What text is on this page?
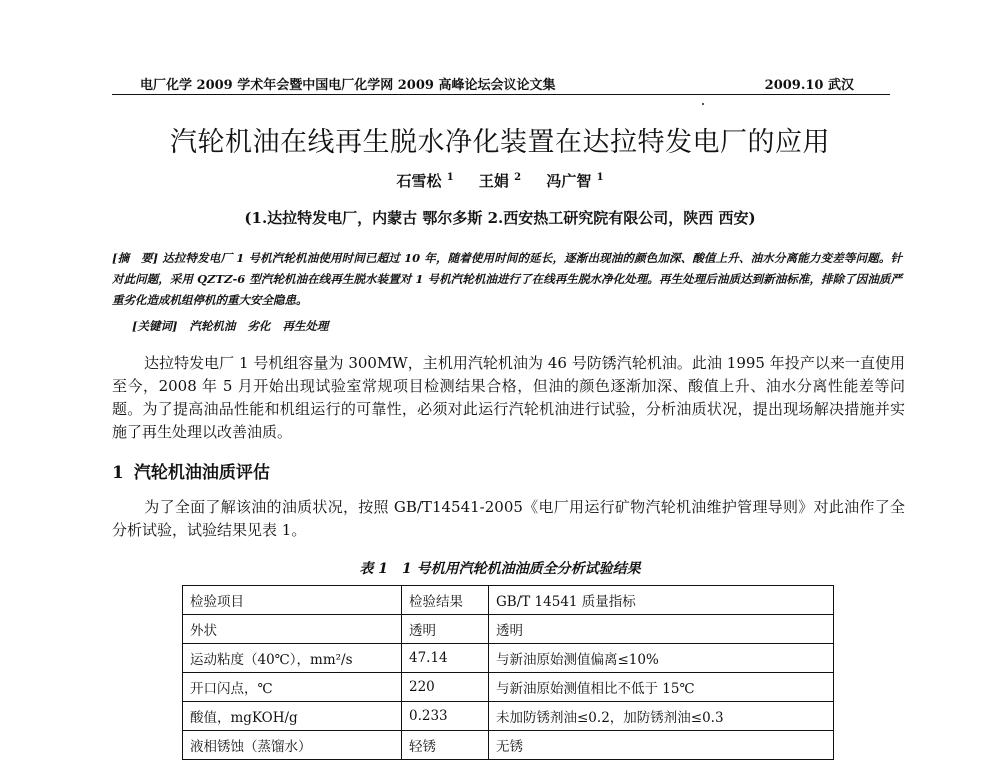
电厂化学 2009 学术年会暨中国电厂化学网 2009 高峰论坛会议论文集	2009.10 武汉
汽轮机油在线再生脱水净化装置在达拉特发电厂的应用
石雪松 $^1$ 王娟 $^2$ 冯广智 $^1$
(1.达拉特发电厂，内蒙古 鄂尔多斯 2.西安热工研究院有限公司，陕西 西安)
[摘　要] 达拉特发电厂 1 号机汽轮机油使用时间已超过 10 年，随着使用时间的延长，逐渐出现油的颜色加深、酸值上升、油水分离能力变差等问题。针对此问题，采用 QZTZ-6 型汽轮机油在线再生脱水装置对 1 号机汽轮机油进行了在线再生脱水净化处理。再生处理后油质达到新油标准，排除了因油质严重劣化造成机组停机的重大安全隐患。
[关键词] 汽轮机油 劣化 再生处理
达拉特发电厂 1 号机组容量为 300MW，主机用汽轮机油为 46 号防锈汽轮机油。此油 1995 年投产以来一直使用至今，2008 年 5 月开始出现试验室常规项目检测结果合格，但油的颜色逐渐加深、酸值上升、油水分离性能差等问题。为了提高油品性能和机组运行的可靠性，必须对此运行汽轮机油进行试验，分析油质状况，提出现场解决措施并实施了再生处理以改善油质。
1 汽轮机油油质评估
为了全面了解该油的油质状况，按照 GB/T14541-2005《电厂用运行矿物汽轮机油维护管理导则》对此油作了全分析试验，试验结果见表 1。
表 1　1 号机用汽轮机油油质全分析试验结果
检验项目	检验结果	GB/T 14541 质量指标
外状	透明	透明
运动粘度（40℃），mm²/s	47.14	与新油原始测值偏离≤10%
开口闪点，℃	220	与新油原始测值相比不低于 15℃
酸值，mgKOH/g	0.233	未加防锈剂油≤0.2，加防锈剂油≤0.3
液相锈蚀（蒸馏水）	轻锈	无锈
